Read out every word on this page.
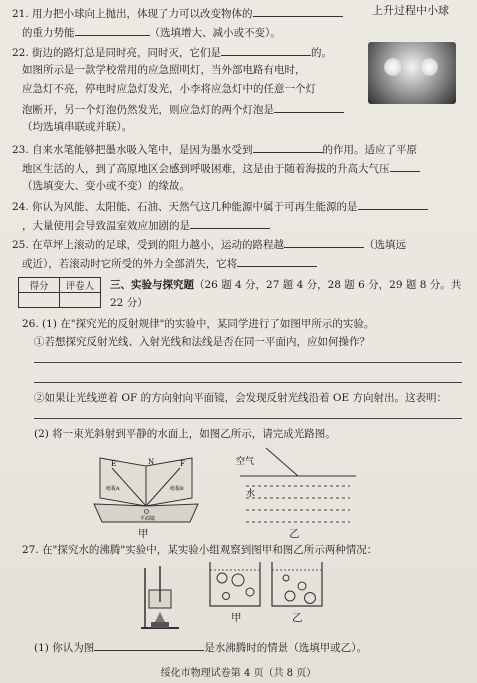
21. 用力把小球向上抛出，体现了力可以改变物体的	上升过程中小球
的重力势能	（选填增大、减小或不变）。
22. 街边的路灯总是同时亮，同时灭，它们是	的。
如图所示是一款学校常用的应急照明灯，当外部电路有电时，
应急灯不亮，停电时应急灯发光，小李将应急灯中的任意一个灯
泡断开，另一个灯泡仍然发光，则应急灯的两个灯泡是
（均选填串联或并联）。
23. 自来水笔能够把墨水吸入笔中，是因为墨水受到	的作用。适应了平原
地区生活的人，到了高原地区会感到呼吸困难，这是由于随着海拔的升高大气压
（选填变大、变小或不变）的缘故。
24. 你认为风能、太阳能、石油、天然气这几种能源中属于可再生能源的是
，大量使用会导致温室效应加剧的是
25. 在草坪上滚动的足球，受到的阻力越小，运动的路程越	（选填远
或近），若滚动时它所受的外力全部消失，它将
得分	评卷人
	三、实验与探究题（26 题 4 分，27 题 4 分，28 题 6 分，29 题 8 分。共
22 分）
26. (1) 在"探究光的反射规律"的实验中，某同学进行了如图甲所示的实验。
①若想探究反射光线、入射光线和法线是否在同一平面内，应如何操作？
②如果让光线逆着 OF 的方向射向平面镜，会发现反射光线沿着 OE 方向射出。这表明：
(2) 将一束光斜射到平静的水面上，如图乙所示，请完成光路图。
E	N	F
O
纸板A	纸板B
平面镜
甲
空气
水
乙
27. 在"探究水的沸腾"实验中，某实验小组观察到图甲和图乙所示两种情况：
甲	乙
(1) 你认为图	是水沸腾时的情景（选填甲或乙）。
绥化市物理试卷第 4 页（共 8 页）
